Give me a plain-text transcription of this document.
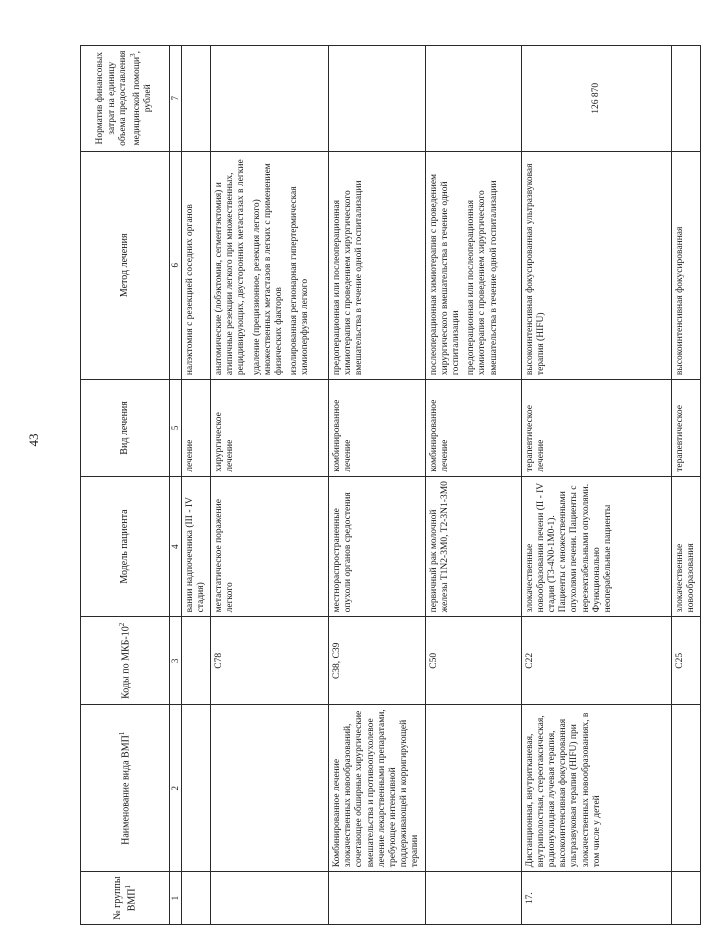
43
№ группы ВМП$^1$	Наименование вида ВМП$^1$	Коды по МКБ-$10^2$	Модель пациента	Вид лечения	Метод лечения	Норматив финансовых затрат на единицу объема предоставления медицинской помощи$^3$, рублей
1	2	3	4	5	6	7
			вании надпочечника (III - IV стадия)	лечение	налэктомия с резекцией соседних органов	

		C78	метастатическое поражение легкого	хирургическое лечение	анатомические (лобэктомия, сегментэктомия) и атипичные резекции легкого при множественных, рецидивирующих, двусторонних метастазах в легкие удаление (прецизионное, резекция легкого) множественных метастазов в легких с применением физических факторов изолированная регионарная гипертермическая химиоперфузия легкого	

	Комбинированное лечение злокачественных новообразований, сочетающее обширные хирургические вмешательства и противоопухолевое лечение лекарственными препаратами, требующее интенсивной поддерживающей и корригирующей терапии	C38, C39	местнораспространенные опухоли органов средостения	комбинированное лечение	предоперационная или послеоперационная химиотерапия с проведением хирургического вмешательства в течение одной госпитализации	

		C50	первичный рак молочной железы T1N2-3M0, T2-3N1-3M0	комбинированное лечение	послеоперационная химиотерапия с проведением хирургического вмешательства в течение одной госпитализации предоперационная или послеоперационная химиотерапия с проведением хирургического вмешательства в течение одной госпитализации	

17.	Дистанционная, внутритканевая, внутриполостная, стереотаксическая, радионуклидная лучевая терапия, высокоинтенсивная фокусированная ультразвуковая терапия (HIFU) при злокачественных новообразованиях, в том числе у детей	C22	злокачественные новообразования печени (II - IV стадия (T3-4N0-1M0-1). Пациенты с множественными опухолями печени. Пациенты с нерезектабельными опухолями. Функционально неоперабельные пациенты	терапевтическое лечение	высокоинтенсивная фокусированная ультразвуковая терапия (HIFU)	126 870
		C25	злокачественные новообразования	терапевтическое	высокоинтенсивная фокусированная	
